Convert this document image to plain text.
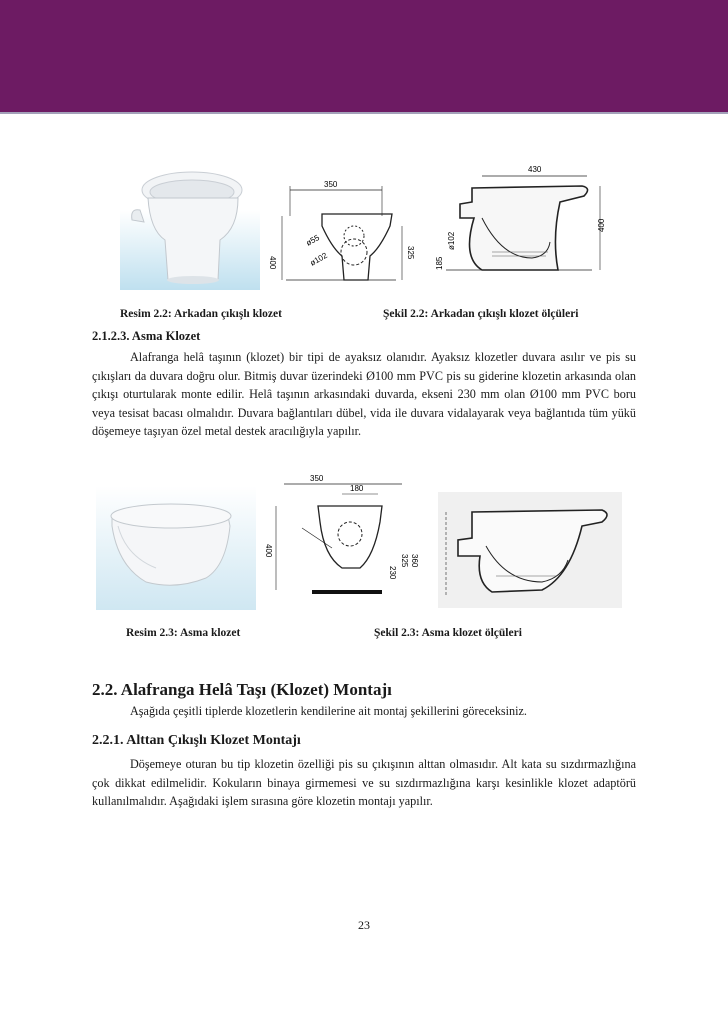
350
400
325
ø55
ø102
430
400
ø102
185
Resim 2.2: Arkadan çıkışlı klozet	Şekil 2.2: Arkadan çıkışlı klozet ölçüleri
2.1.2.3. Asma Klozet

Alafranga helâ taşının (klozet) bir tipi de ayaksız olanıdır. Ayaksız klozetler duvara asılır ve pis su çıkışları da duvara doğru olur. Bitmiş duvar üzerindeki Ø100 mm PVC pis su giderine klozetin arkasında olan çıkışı oturtularak monte edilir. Helâ taşının arkasındaki duvarda, ekseni 230 mm olan Ø100 mm PVC boru veya tesisat bacası olmalıdır. Duvara bağlantıları dübel, vida ile duvara vidalayarak veya bağlantıda tüm yükü döşemeye taşıyan özel metal destek aracılığıyla yapılır.

350
180
400
360
325
230
Resim 2.3: Asma klozet	Şekil 2.3: Asma klozet ölçüleri
2.2. Alafranga Helâ Taşı (Klozet) Montajı

Aşağıda çeşitli tiplerde klozetlerin kendilerine ait montaj şekillerini göreceksiniz.

2.2.1. Alttan Çıkışlı Klozet Montajı

Döşemeye oturan bu tip klozetin özelliği pis su çıkışının alttan olmasıdır. Alt kata su sızdırmazlığına çok dikkat edilmelidir. Kokuların binaya girmemesi ve su sızdırmazlığına karşı kesinlikle klozet adaptörü kullanılmalıdır. Aşağıdaki işlem sırasına göre klozetin montajı yapılır.

23
